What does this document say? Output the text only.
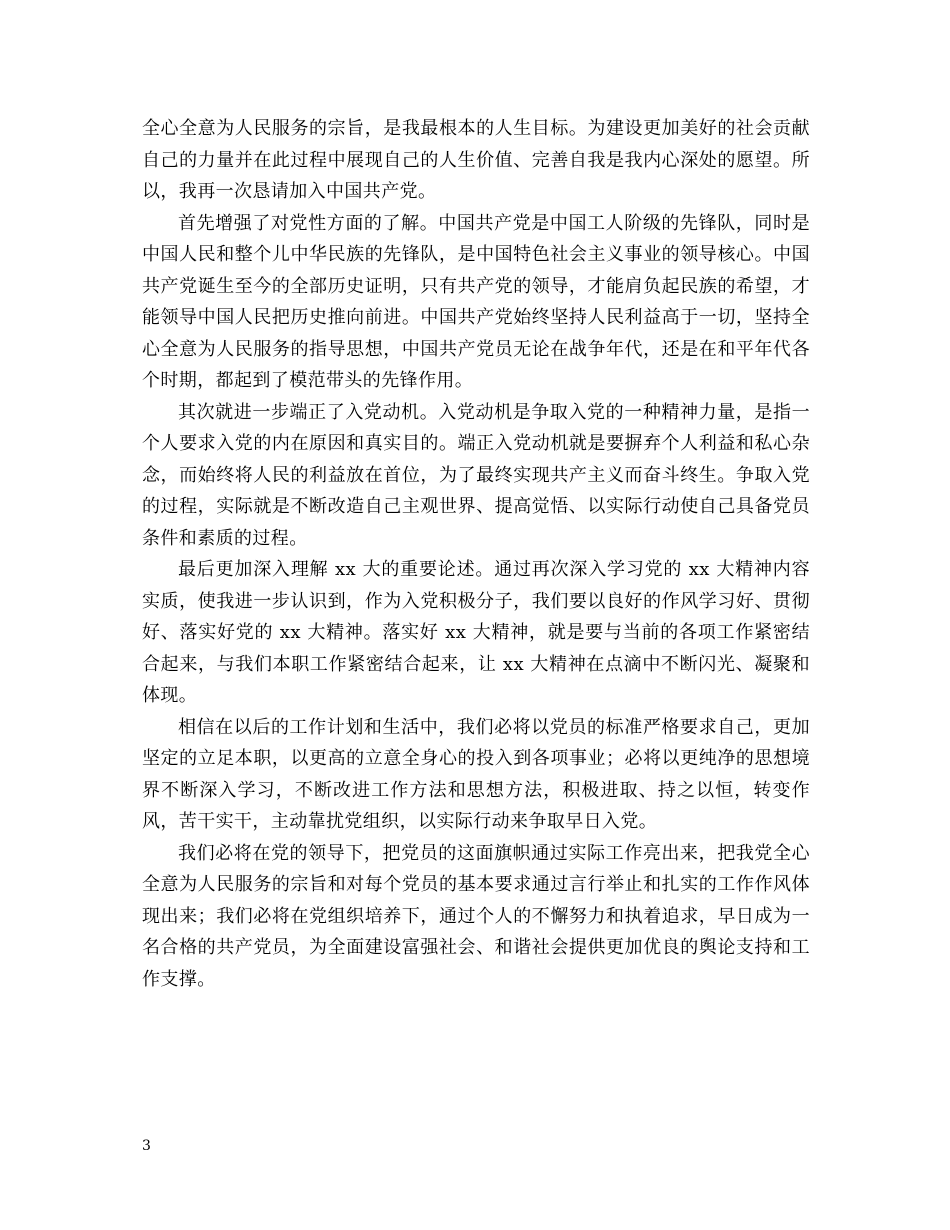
全心全意为人民服务的宗旨，是我最根本的人生目标。为建设更加美好的社会贡献自己的力量并在此过程中展现自己的人生价值、完善自我是我内心深处的愿望。所以，我再一次恳请加入中国共产党。

首先增强了对党性方面的了解。中国共产党是中国工人阶级的先锋队，同时是中国人民和整个儿中华民族的先锋队，是中国特色社会主义事业的领导核心。中国共产党诞生至今的全部历史证明，只有共产党的领导，才能肩负起民族的希望，才能领导中国人民把历史推向前进。中国共产党始终坚持人民利益高于一切，坚持全心全意为人民服务的指导思想，中国共产党员无论在战争年代，还是在和平年代各个时期，都起到了模范带头的先锋作用。

其次就进一步端正了入党动机。入党动机是争取入党的一种精神力量，是指一个人要求入党的内在原因和真实目的。端正入党动机就是要摒弃个人利益和私心杂念，而始终将人民的利益放在首位，为了最终实现共产主义而奋斗终生。争取入党的过程，实际就是不断改造自己主观世界、提高觉悟、以实际行动使自己具备党员条件和素质的过程。

最后更加深入理解 xx 大的重要论述。通过再次深入学习党的 xx 大精神内容实质，使我进一步认识到，作为入党积极分子，我们要以良好的作风学习好、贯彻好、落实好党的 xx 大精神。落实好 xx 大精神，就是要与当前的各项工作紧密结合起来，与我们本职工作紧密结合起来，让 xx 大精神在点滴中不断闪光、凝聚和体现。

相信在以后的工作计划和生活中，我们必将以党员的标准严格要求自己，更加坚定的立足本职，以更高的立意全身心的投入到各项事业；必将以更纯净的思想境界不断深入学习，不断改进工作方法和思想方法，积极进取、持之以恒，转变作风，苦干实干，主动靠扰党组织，以实际行动来争取早日入党。

我们必将在党的领导下，把党员的这面旗帜通过实际工作亮出来，把我党全心全意为人民服务的宗旨和对每个党员的基本要求通过言行举止和扎实的工作作风体现出来；我们必将在党组织培养下，通过个人的不懈努力和执着追求，早日成为一名合格的共产党员，为全面建设富强社会、和谐社会提供更加优良的舆论支持和工作支撑。

3
